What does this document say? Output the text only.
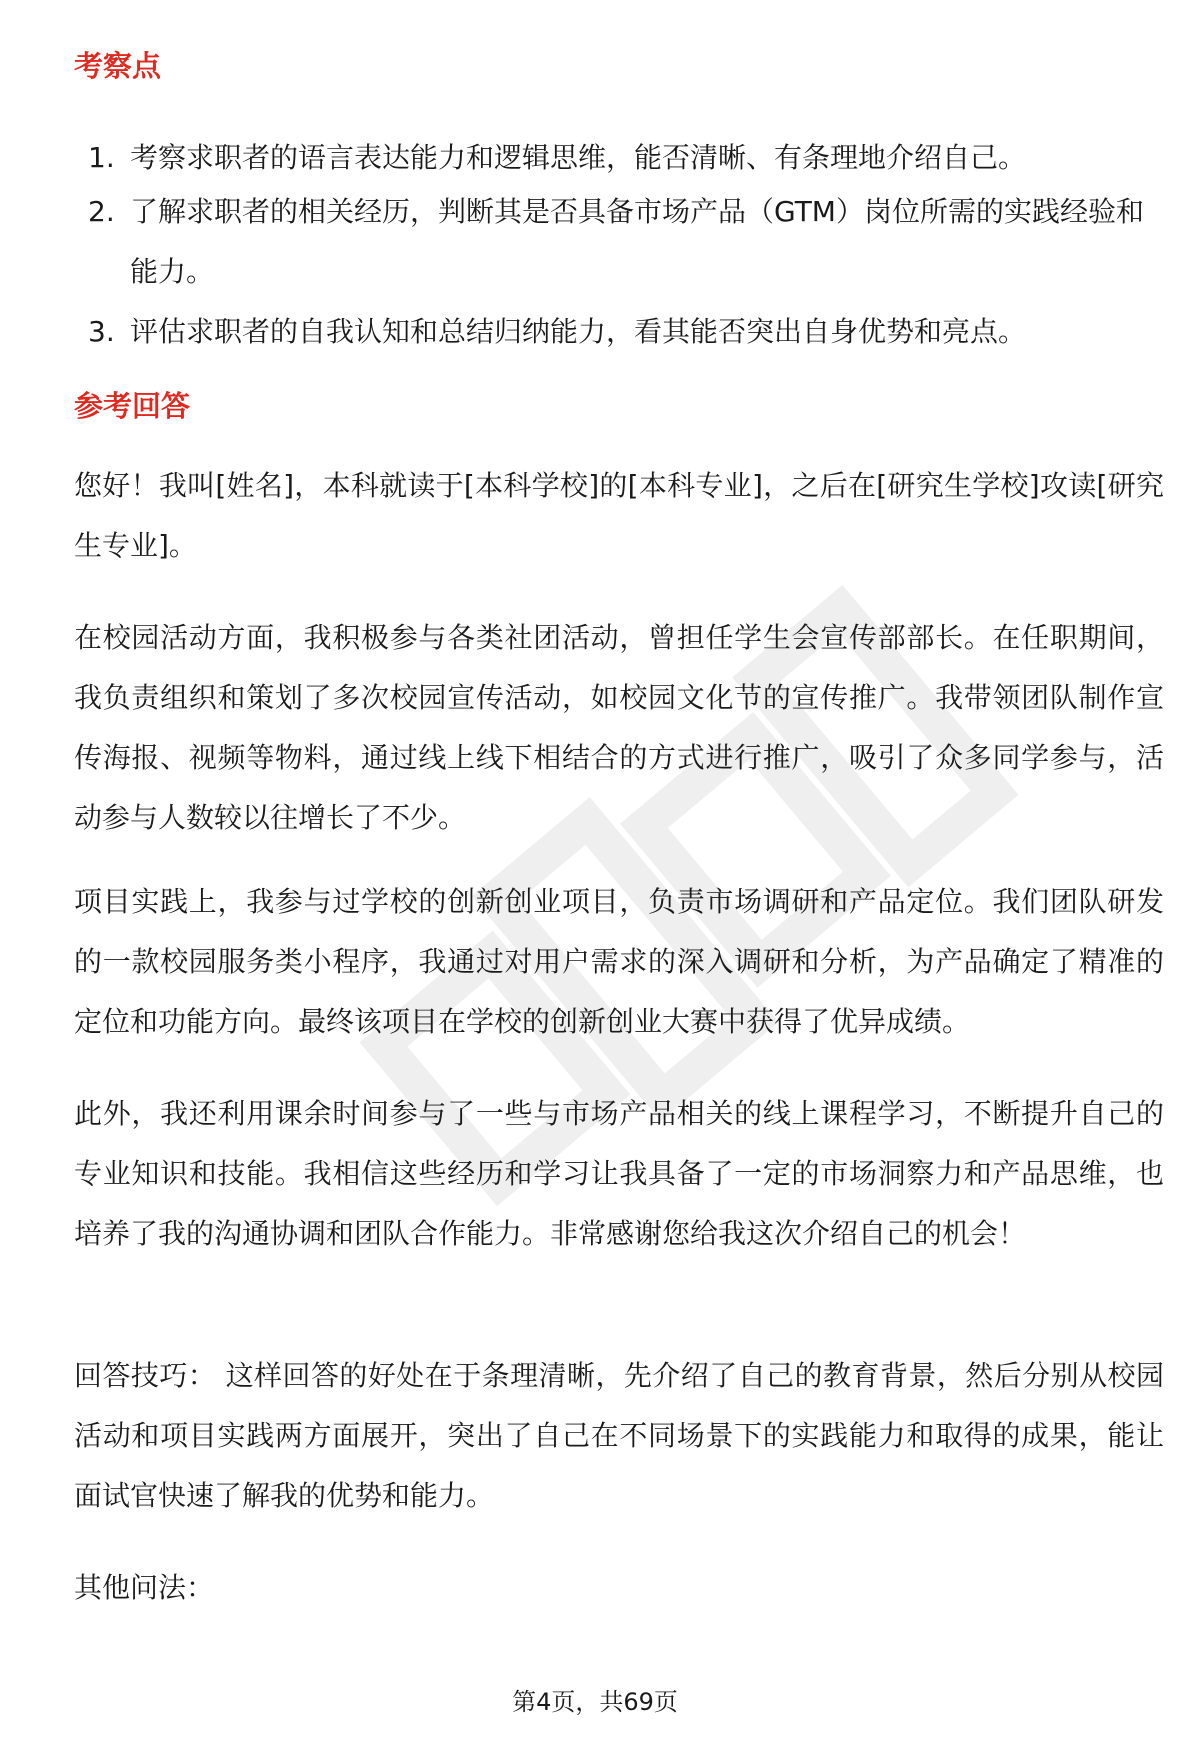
考察点
1. 考察求职者的语言表达能力和逻辑思维，能否清晰、有条理地介绍自己。
2. 了解求职者的相关经历，判断其是否具备市场产品（GTM）岗位所需的实践经验和能力。
3. 评估求职者的自我认知和总结归纳能力，看其能否突出自身优势和亮点。
参考回答

您好！我叫[姓名]，本科就读于[本科学校]的[本科专业]，之后在[研究生学校]攻读[研究生专业]。

在校园活动方面，我积极参与各类社团活动，曾担任学生会宣传部部长。在任职期间，我负责组织和策划了多次校园宣传活动，如校园文化节的宣传推广。我带领团队制作宣传海报、视频等物料，通过线上线下相结合的方式进行推广，吸引了众多同学参与，活动参与人数较以往增长了不少。

项目实践上，我参与过学校的创新创业项目，负责市场调研和产品定位。我们团队研发的一款校园服务类小程序，我通过对用户需求的深入调研和分析，为产品确定了精准的定位和功能方向。最终该项目在学校的创新创业大赛中获得了优异成绩。

此外，我还利用课余时间参与了一些与市场产品相关的线上课程学习，不断提升自己的专业知识和技能。我相信这些经历和学习让我具备了一定的市场洞察力和产品思维，也培养了我的沟通协调和团队合作能力。非常感谢您给我这次介绍自己的机会！

回答技巧： 这样回答的好处在于条理清晰，先介绍了自己的教育背景，然后分别从校园活动和项目实践两方面展开，突出了自己在不同场景下的实践能力和取得的成果，能让面试官快速了解我的优势和能力。

其他问法：

第4页，共69页
